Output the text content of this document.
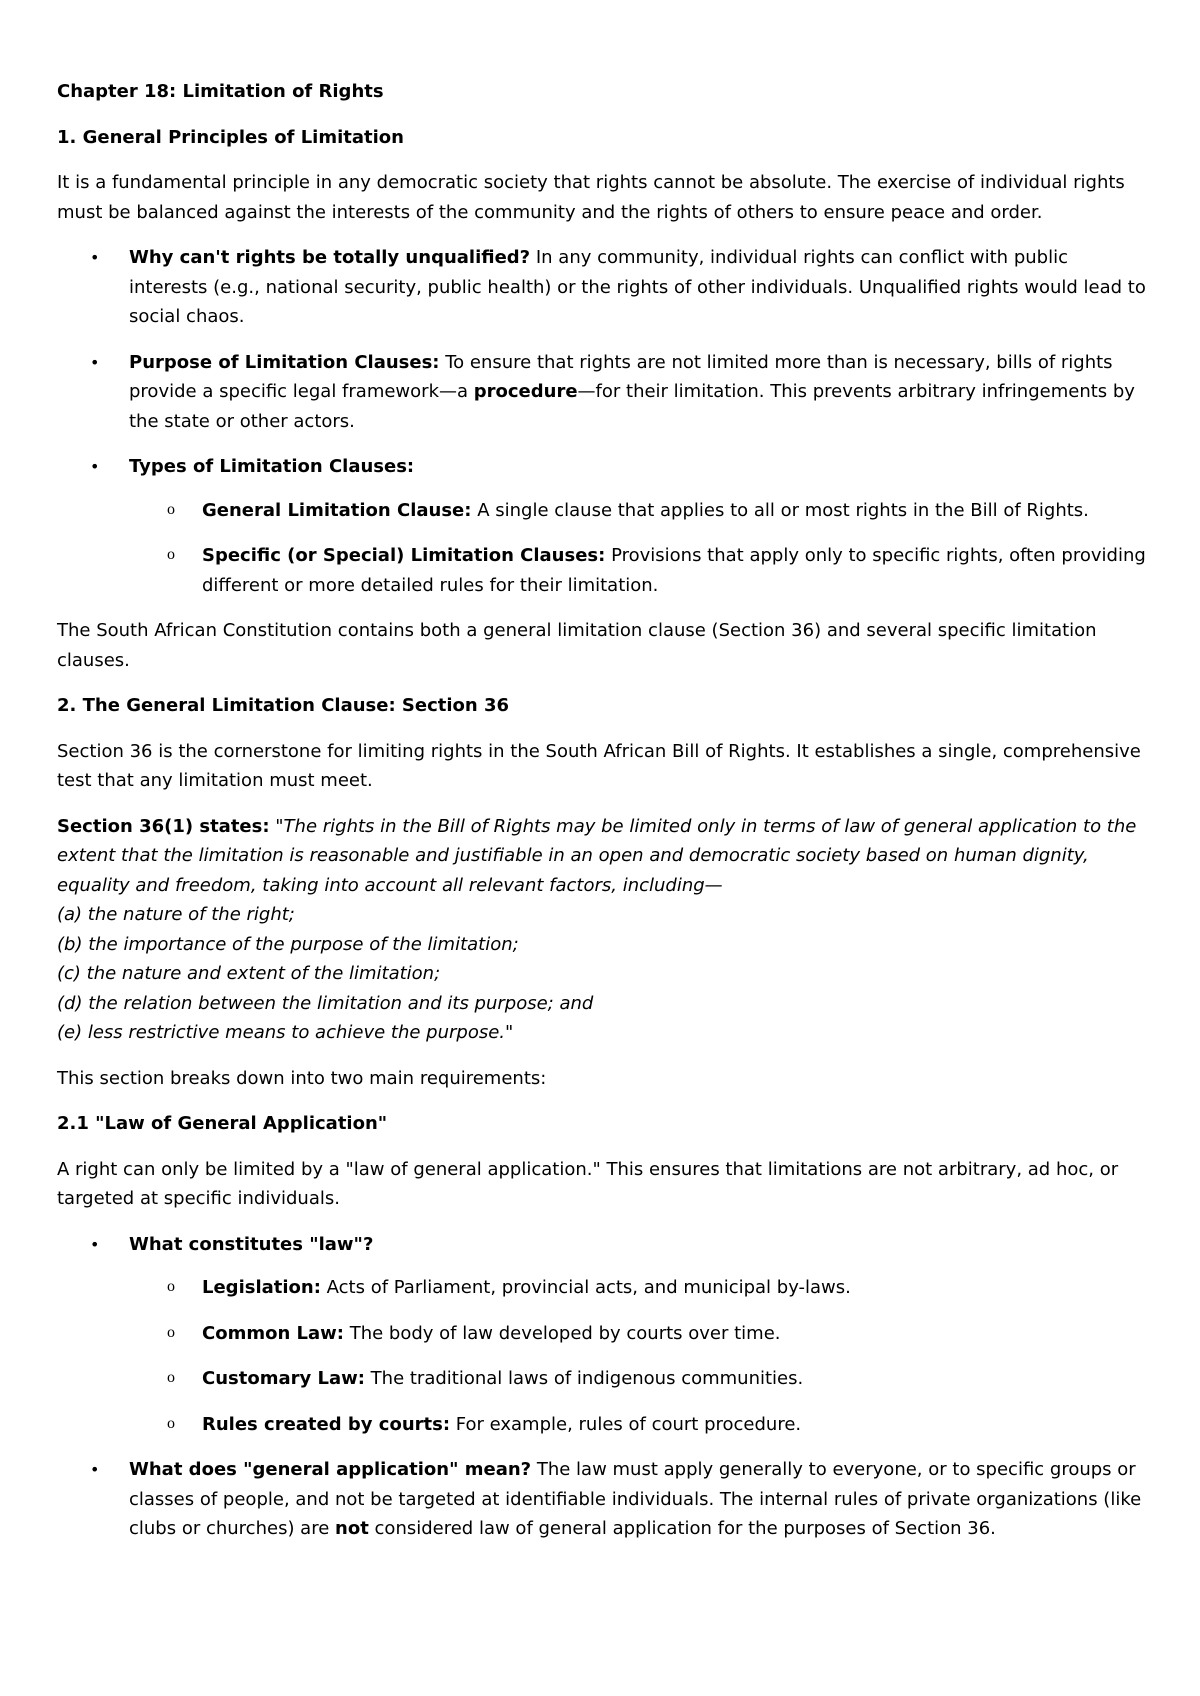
Chapter 18: Limitation of Rights

1. General Principles of Limitation

It is a fundamental principle in any democratic society that rights cannot be absolute. The exercise of individual rights must be balanced against the interests of the community and the rights of others to ensure peace and order.

• Why can't rights be totally unqualified? In any community, individual rights can conflict with public interests (e.g., national security, public health) or the rights of other individuals. Unqualified rights would lead to social chaos.
• Purpose of Limitation Clauses: To ensure that rights are not limited more than is necessary, bills of rights provide a specific legal framework—a procedure—for their limitation. This prevents arbitrary infringements by the state or other actors.
• Types of Limitation Clauses:
o General Limitation Clause: A single clause that applies to all or most rights in the Bill of Rights.
o Specific (or Special) Limitation Clauses: Provisions that apply only to specific rights, often providing different or more detailed rules for their limitation.

The South African Constitution contains both a general limitation clause (Section 36) and several specific limitation clauses.

2. The General Limitation Clause: Section 36

Section 36 is the cornerstone for limiting rights in the South African Bill of Rights. It establishes a single, comprehensive test that any limitation must meet.

Section 36(1) states: "The rights in the Bill of Rights may be limited only in terms of law of general application to the extent that the limitation is reasonable and justifiable in an open and democratic society based on human dignity, equality and freedom, taking into account all relevant factors, including—
(a) the nature of the right;
(b) the importance of the purpose of the limitation;
(c) the nature and extent of the limitation;
(d) the relation between the limitation and its purpose; and
(e) less restrictive means to achieve the purpose."

This section breaks down into two main requirements:

2.1 "Law of General Application"

A right can only be limited by a "law of general application." This ensures that limitations are not arbitrary, ad hoc, or targeted at specific individuals.

• What constitutes "law"?
o Legislation: Acts of Parliament, provincial acts, and municipal by-laws.
o Common Law: The body of law developed by courts over time.
o Customary Law: The traditional laws of indigenous communities.
o Rules created by courts: For example, rules of court procedure.
• What does "general application" mean? The law must apply generally to everyone, or to specific groups or classes of people, and not be targeted at identifiable individuals. The internal rules of private organizations (like clubs or churches) are not considered law of general application for the purposes of Section 36.
